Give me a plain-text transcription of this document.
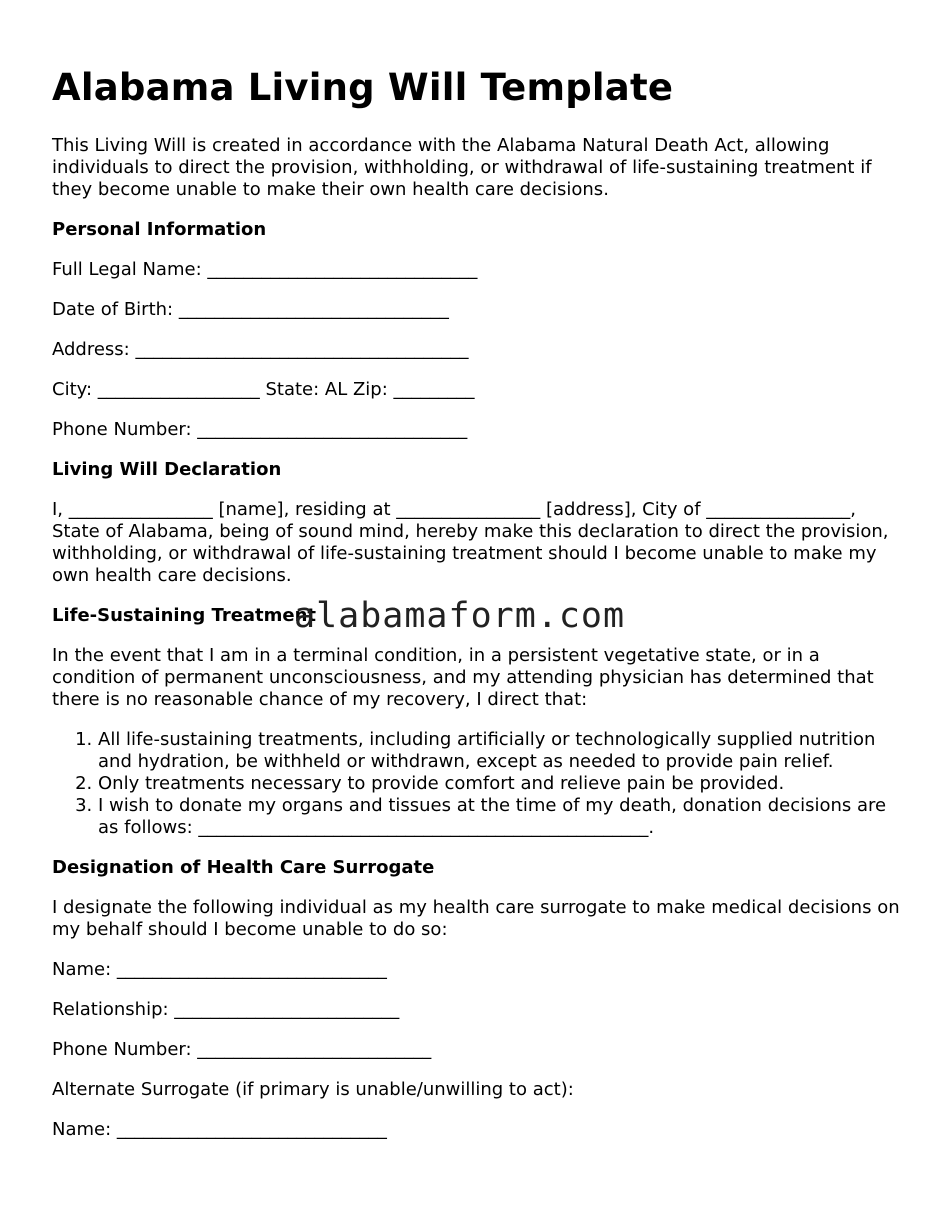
Alabama Living Will Template

This Living Will is created in accordance with the Alabama Natural Death Act, allowing individuals to direct the provision, withholding, or withdrawal of life-sustaining treatment if they become unable to make their own health care decisions.

Personal Information

Full Legal Name: ______________________________

Date of Birth: ______________________________

Address: _____________________________________

City: __________________ State: AL Zip: _________

Phone Number: ______________________________

Living Will Declaration

I, ________________ [name], residing at ________________ [address], City of ________________, State of Alabama, being of sound mind, hereby make this declaration to direct the provision, withholding, or withdrawal of life-sustaining treatment should I become unable to make my own health care decisions.

Life-Sustaining Treatment

In the event that I am in a terminal condition, in a persistent vegetative state, or in a condition of permanent unconsciousness, and my attending physician has determined that there is no reasonable chance of my recovery, I direct that:

1. All life-sustaining treatments, including artificially or technologically supplied nutrition and hydration, be withheld or withdrawn, except as needed to provide pain relief.
2. Only treatments necessary to provide comfort and relieve pain be provided.
3. I wish to donate my organs and tissues at the time of my death, donation decisions are as follows: __________________________________________________.
Designation of Health Care Surrogate

I designate the following individual as my health care surrogate to make medical decisions on my behalf should I become unable to do so:

Name: ______________________________

Relationship: _________________________

Phone Number: __________________________

Alternate Surrogate (if primary is unable/unwilling to act):

Name: ______________________________

alabamaform.com
